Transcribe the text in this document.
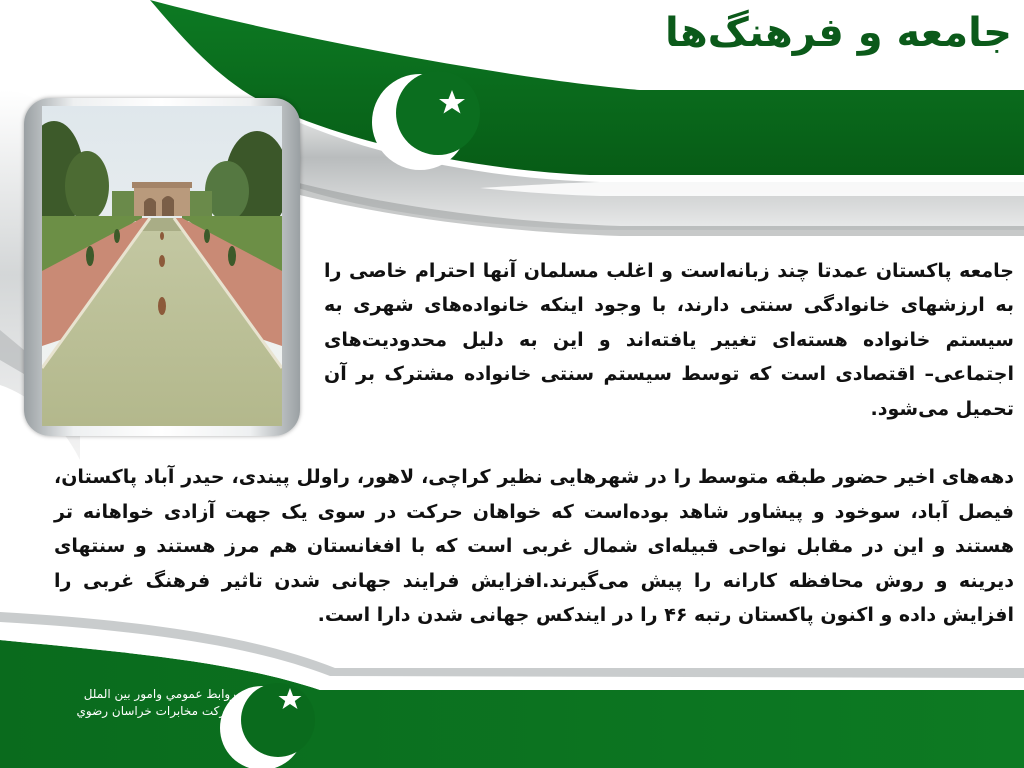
جامعه و فرهنگ‌ها

جامعه پاکستان عمدتا چند زبانه‌است و اغلب مسلمان آنها احترام خاصی را به ارزشهای خانوادگی سنتی دارند، با وجود اینکه خانواده‌های شهری به سیستم خانواده هسته‌ای تغییر یافته‌اند و این به دلیل محدودیت‌های اجتماعی– اقتصادی است که توسط سیستم سنتی خانواده مشترک بر آن تحمیل می‌شود.

دهه‌های اخیر حضور طبقه متوسط را در شهرهایی نظیر کراچی، لاهور، راولل پیندی، حیدر آباد پاکستان، فیصل آباد، سوخود و پیشاور شاهد بوده‌است که خواهان حرکت در سوی یک جهت آزادی خواهانه تر هستند و این در مقابل نواحی قبیله‌ای شمال غربی است که با افغانستان هم مرز هستند و سنتهای دیرینه و روش محافظه کارانه را پیش می‌گیرند.افزایش فرایند جهانی شدن تاثیر فرهنگ غربی را افزایش داده و اکنون پاکستان رتبه ۴۶ را در ایندکس جهانی شدن دارا است.

روابط عمومي وامور بين الملل
شركت مخابرات خراسان رضوي
